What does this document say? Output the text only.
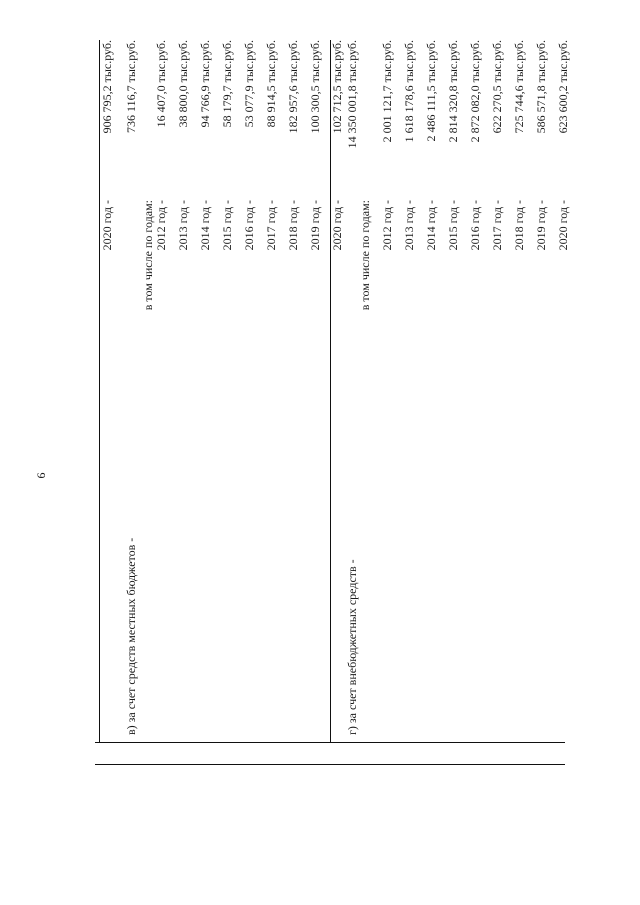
9
2020 год -
906 795,2 тыс.руб.
в) за счет средств местных бюджетов -
736 116,7 тыс.руб.
в том числе по годам: 2012 год -
16 407,0 тыс.руб.
2013 год -
38 800,0 тыс.руб.
2014 год -
94 766,9 тыс.руб.
2015 год -
58 179,7 тыс.руб.
2016 год -
53 077,9 тыс.руб.
2017 год -
88 914,5 тыс.руб.
2018 год -
182 957,6 тыс.руб.
2019 год -
100 300,5 тыс.руб.
2020 год -
102 712,5 тыс.руб.
г) за счет внебюджетных средств -
14 350 001,8 тыс.руб.
в том числе по годам: 2012 год -
2 001 121,7 тыс.руб.
2013 год -
1 618 178,6 тыс.руб.
2014 год -
2 486 111,5 тыс.руб.
2015 год -
2 814 320,8 тыс.руб.
2016 год -
2 872 082,0 тыс.руб.
2017 год -
622 270,5 тыс.руб.
2018 год -
725 744,6 тыс.руб.
2019 год -
586 571,8 тыс.руб.
2020 год -
623 600,2 тыс.руб.
